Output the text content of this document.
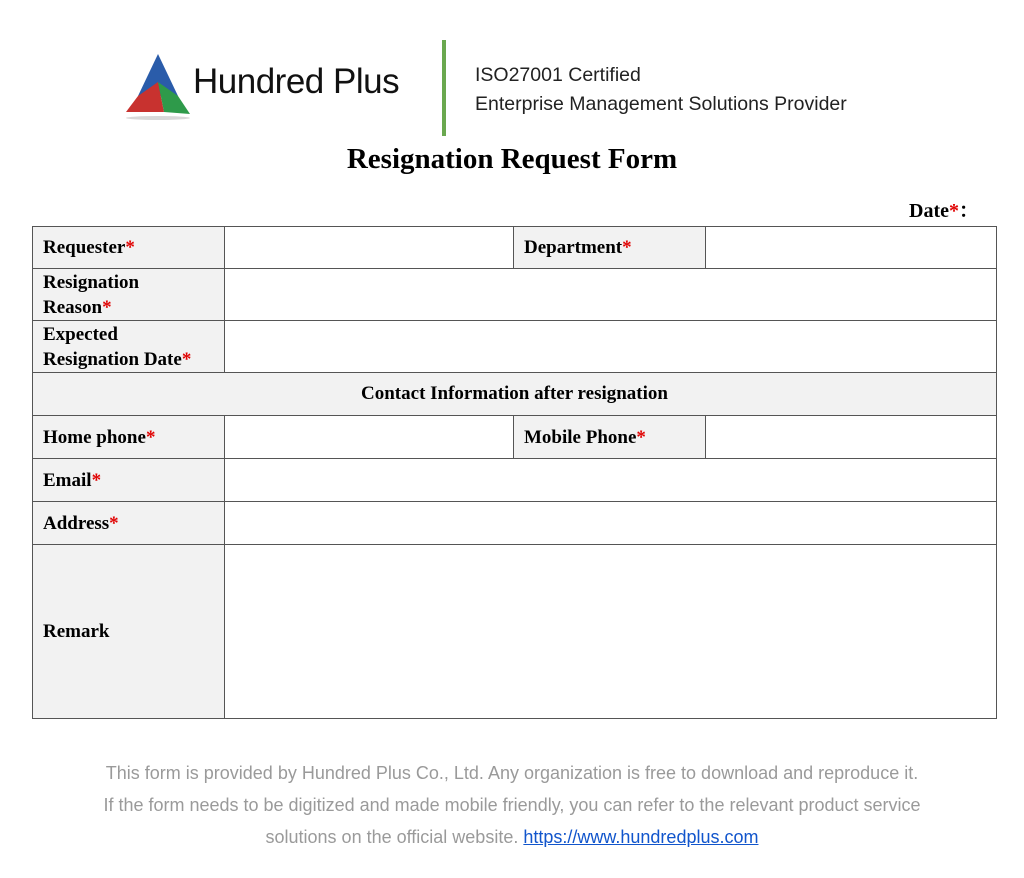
Hundred Plus	ISO27001 Certified
Enterprise Management Solutions Provider
Resignation Request Form
Date*：
Requester*		Department*	
Resignation
Reason*			
Expected
Resignation Date*			
Contact Information after resignation			
Home phone*		Mobile Phone*	
Email*			
Address*			
Remark			
This form is provided by Hundred Plus Co., Ltd. Any organization is free to download and reproduce it.
If the form needs to be digitized and made mobile friendly, you can refer to the relevant product service
solutions on the official website. https://www.hundredplus.com
